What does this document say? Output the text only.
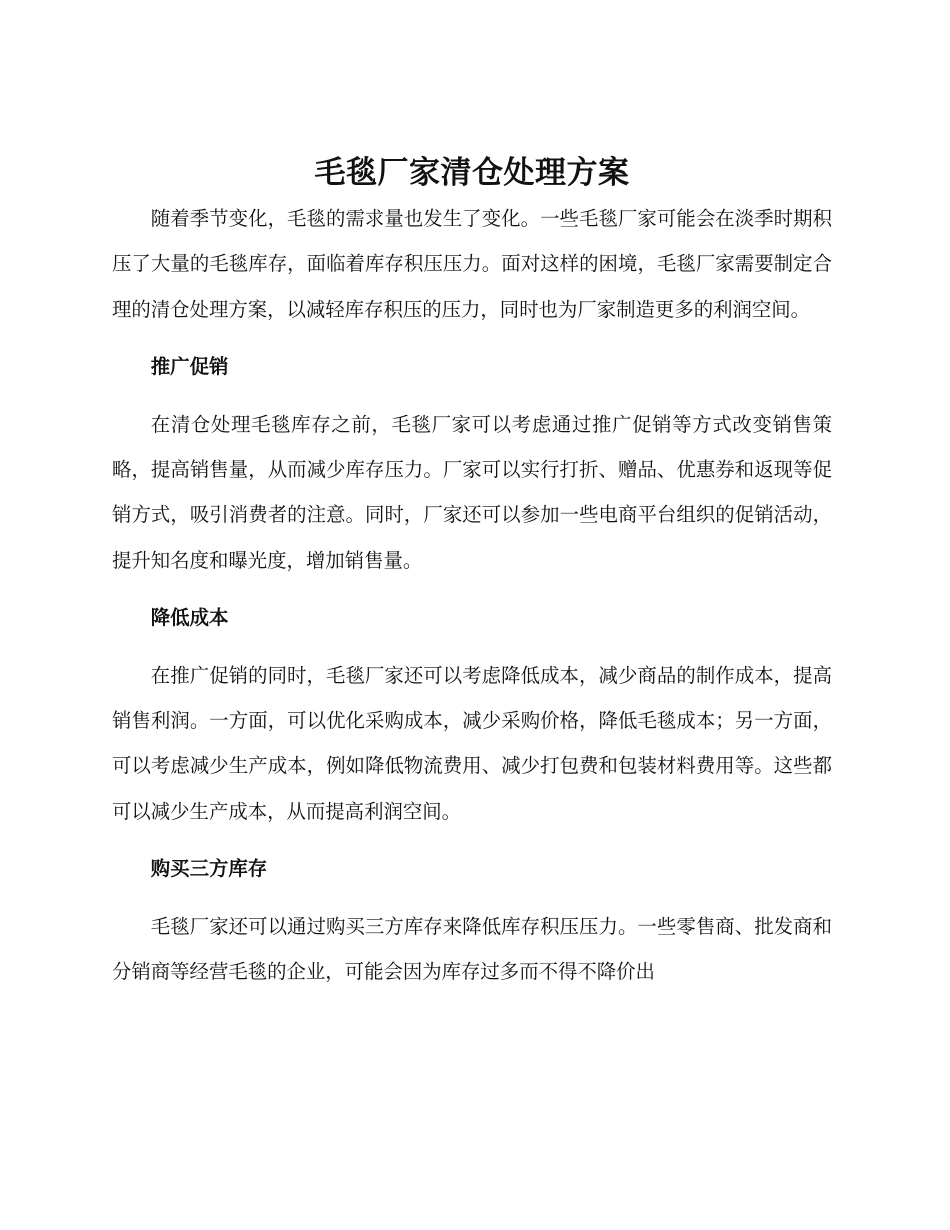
毛毯厂家清仓处理方案

随着季节变化，毛毯的需求量也发生了变化。一些毛毯厂家可能会在淡季时期积压了大量的毛毯库存，面临着库存积压压力。面对这样的困境，毛毯厂家需要制定合理的清仓处理方案，以减轻库存积压的压力，同时也为厂家制造更多的利润空间。

推广促销

在清仓处理毛毯库存之前，毛毯厂家可以考虑通过推广促销等方式改变销售策略，提高销售量，从而减少库存压力。厂家可以实行打折、赠品、优惠券和返现等促销方式，吸引消费者的注意。同时，厂家还可以参加一些电商平台组织的促销活动，提升知名度和曝光度，增加销售量。

降低成本

在推广促销的同时，毛毯厂家还可以考虑降低成本，减少商品的制作成本，提高销售利润。一方面，可以优化采购成本，减少采购价格，降低毛毯成本；另一方面，可以考虑减少生产成本，例如降低物流费用、减少打包费和包装材料费用等。这些都可以减少生产成本，从而提高利润空间。

购买三方库存

毛毯厂家还可以通过购买三方库存来降低库存积压压力。一些零售商、批发商和分销商等经营毛毯的企业，可能会因为库存过多而不得不降价出
